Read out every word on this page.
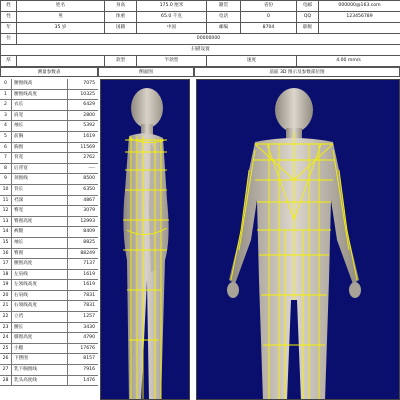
姓	姓名	身高	175.0 厘米	籍贯	省份	电邮	000000@163.com
性	男	体重	65.0 千克	电话	0	QQ	123456789
年	35 岁	国籍	中国	邮编	8704	职级	
住	00000000						
扫描设置							
厚		款型	半款型	速度		4.00 mm/s	
测量参数表	侧面图	前面 3D 图示及参数部位图
0	腰围线高	7075
1	腰围线高度	10325
2	衣长	6429
3	肩宽	2800
4	袖长	5392
5	前胸	1619
6	胸围	11569
7	背宽	2762
8	后背宽	----
9	颈围线	8500
10	背长	6350
11	裆深	4867
12	臀宽	3079
13	臀围高度	12993
14	裤腿	8409
15	袖长	8825
16	臀围	88249
17	腰围高度	7137
18	左肩线	1619
19	左领线高度	1619
20	右肩线	7831
21	右领线高度	7831
22	立裆	1257
23	腰长	3430
24	膝围高度	4790
25	小腿	17676
26	下摆围	8157
27	乳下胸围线	7916
28	乳头高度线	1476
